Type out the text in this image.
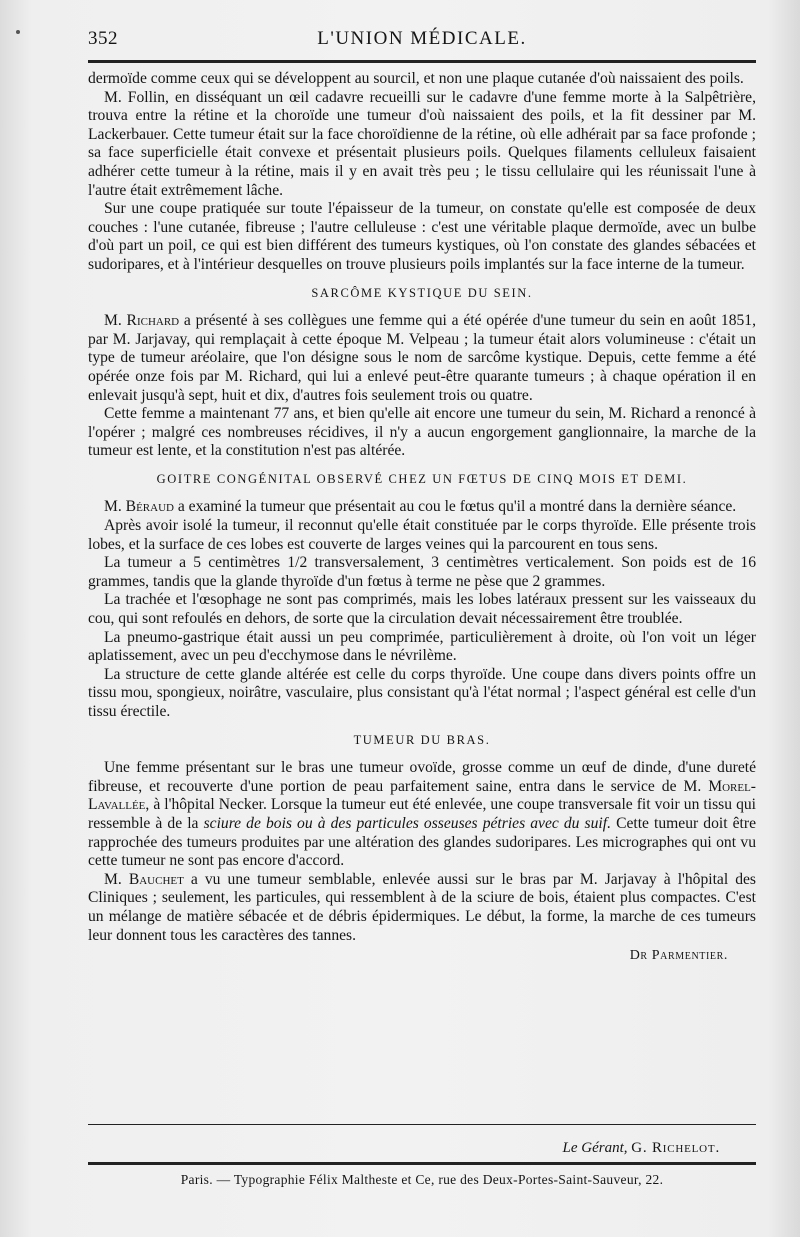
352	L'UNION MÉDICALE.

dermoïde comme ceux qui se développent au sourcil, et non une plaque cutanée d'où naissaient des poils.

M. Follin, en disséquant un œil cadavre recueilli sur le cadavre d'une femme morte à la Salpêtrière, trouva entre la rétine et la choroïde une tumeur d'où naissaient des poils, et la fit dessiner par M. Lackerbauer. Cette tumeur était sur la face choroïdienne de la rétine, où elle adhérait par sa face profonde ; sa face superficielle était convexe et présentait plusieurs poils. Quelques filaments celluleux faisaient adhérer cette tumeur à la rétine, mais il y en avait très peu ; le tissu cellulaire qui les réunissait l'une à l'autre était extrêmement lâche.

Sur une coupe pratiquée sur toute l'épaisseur de la tumeur, on constate qu'elle est composée de deux couches : l'une cutanée, fibreuse ; l'autre celluleuse : c'est une véritable plaque dermoïde, avec un bulbe d'où part un poil, ce qui est bien différent des tumeurs kystiques, où l'on constate des glandes sébacées et sudoripares, et à l'intérieur desquelles on trouve plusieurs poils implantés sur la face interne de la tumeur.

SARCÔME KYSTIQUE DU SEIN.

M. Richard a présenté à ses collègues une femme qui a été opérée d'une tumeur du sein en août 1851, par M. Jarjavay, qui remplaçait à cette époque M. Velpeau ; la tumeur était alors volumineuse : c'était un type de tumeur aréolaire, que l'on désigne sous le nom de sarcôme kystique. Depuis, cette femme a été opérée onze fois par M. Richard, qui lui a enlevé peut-être quarante tumeurs ; à chaque opération il en enlevait jusqu'à sept, huit et dix, d'autres fois seulement trois ou quatre.

Cette femme a maintenant 77 ans, et bien qu'elle ait encore une tumeur du sein, M. Richard a renoncé à l'opérer ; malgré ces nombreuses récidives, il n'y a aucun engorgement ganglionnaire, la marche de la tumeur est lente, et la constitution n'est pas altérée.

GOITRE CONGÉNITAL OBSERVÉ CHEZ UN FŒTUS DE CINQ MOIS ET DEMI.

M. Béraud a examiné la tumeur que présentait au cou le fœtus qu'il a montré dans la dernière séance.

Après avoir isolé la tumeur, il reconnut qu'elle était constituée par le corps thyroïde. Elle présente trois lobes, et la surface de ces lobes est couverte de larges veines qui la parcourent en tous sens.

La tumeur a 5 centimètres 1/2 transversalement, 3 centimètres verticalement. Son poids est de 16 grammes, tandis que la glande thyroïde d'un fœtus à terme ne pèse que 2 grammes.

La trachée et l'œsophage ne sont pas comprimés, mais les lobes latéraux pressent sur les vaisseaux du cou, qui sont refoulés en dehors, de sorte que la circulation devait nécessairement être troublée.

La pneumo-gastrique était aussi un peu comprimée, particulièrement à droite, où l'on voit un léger aplatissement, avec un peu d'ecchymose dans le névrilème.

La structure de cette glande altérée est celle du corps thyroïde. Une coupe dans divers points offre un tissu mou, spongieux, noirâtre, vasculaire, plus consistant qu'à l'état normal ; l'aspect général est celle d'un tissu érectile.

TUMEUR DU BRAS.

Une femme présentant sur le bras une tumeur ovoïde, grosse comme un œuf de dinde, d'une dureté fibreuse, et recouverte d'une portion de peau parfaitement saine, entra dans le service de M. Morel-Lavallée, à l'hôpital Necker. Lorsque la tumeur eut été enlevée, une coupe transversale fit voir un tissu qui ressemble à de la sciure de bois ou à des particules osseuses pétries avec du suif. Cette tumeur doit être rapprochée des tumeurs produites par une altération des glandes sudoripares. Les micrographes qui ont vu cette tumeur ne sont pas encore d'accord.

M. Bauchet a vu une tumeur semblable, enlevée aussi sur le bras par M. Jarjavay à l'hôpital des Cliniques ; seulement, les particules, qui ressemblent à de la sciure de bois, étaient plus compactes. C'est un mélange de matière sébacée et de débris épidermiques. Le début, la forme, la marche de ces tumeurs leur donnent tous les caractères des tannes.

Dr Parmentier.
Le Gérant, G. Richelot.
Paris. — Typographie Félix Maltheste et Ce, rue des Deux-Portes-Saint-Sauveur, 22.
